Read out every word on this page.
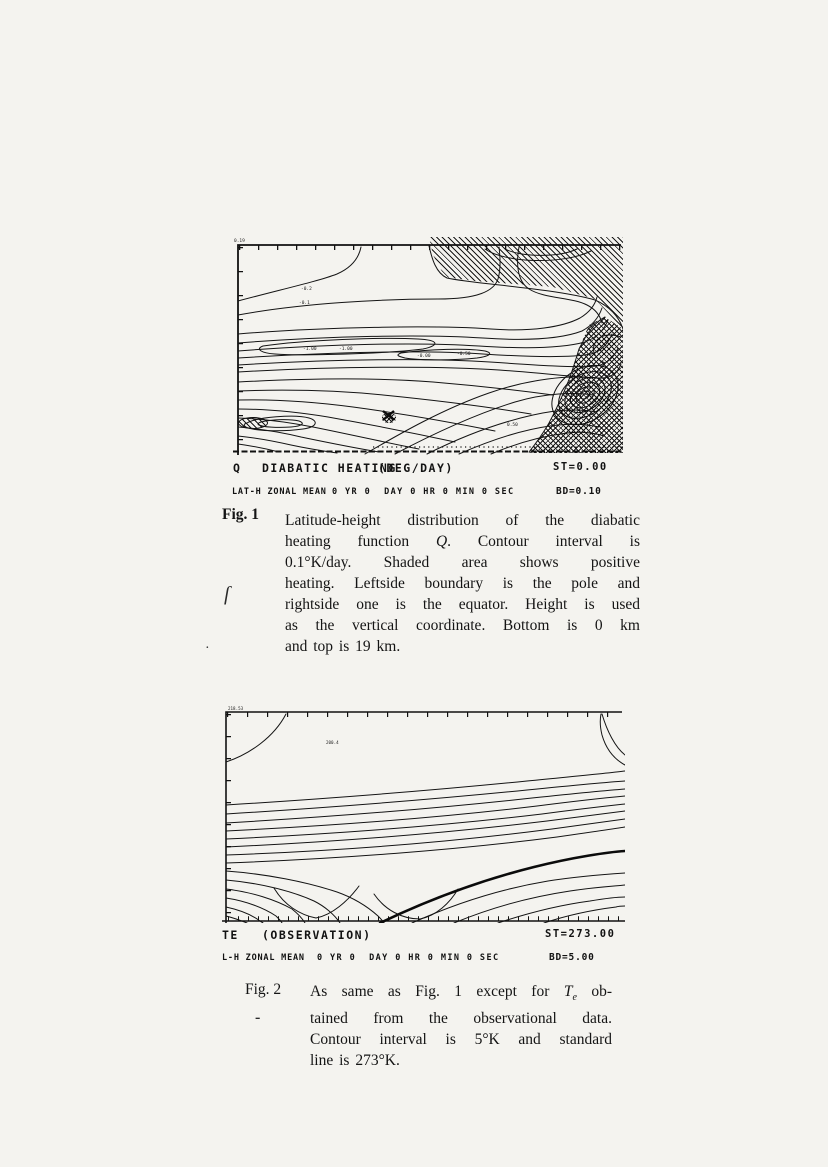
0.19
-0.2
-0.1
-1.00	-1.00
-0.00	-0.50
0.50
Q DIABATIC HEATING
(DEG/DAY)	ST=0.00
LAT-H ZONAL MEAN 0 YR 0  DAY 0 HR 0 MIN 0 SEC	BD=0.10
Fig. 1 Latitude-height distribution of the diabatic
heating function Q. Contour interval is
0.1°K/day. Shaded area shows positive
heating. Leftside boundary is the pole and
rightside one is the equator. Height is used
as the vertical coordinate. Bottom is 0 km
and top is 19 km.
ſ
·
-
218.53
200.4
TE (OBSERVATION)	ST=273.00
L-H ZONAL MEAN 0 YR 0  DAY 0 HR 0 MIN 0 SEC	BD=5.00
Fig. 2 As same as Fig. 1 except for $T_e$ ob-
tained from the observational data.
Contour interval is 5°K and standard
line is 273°K.
